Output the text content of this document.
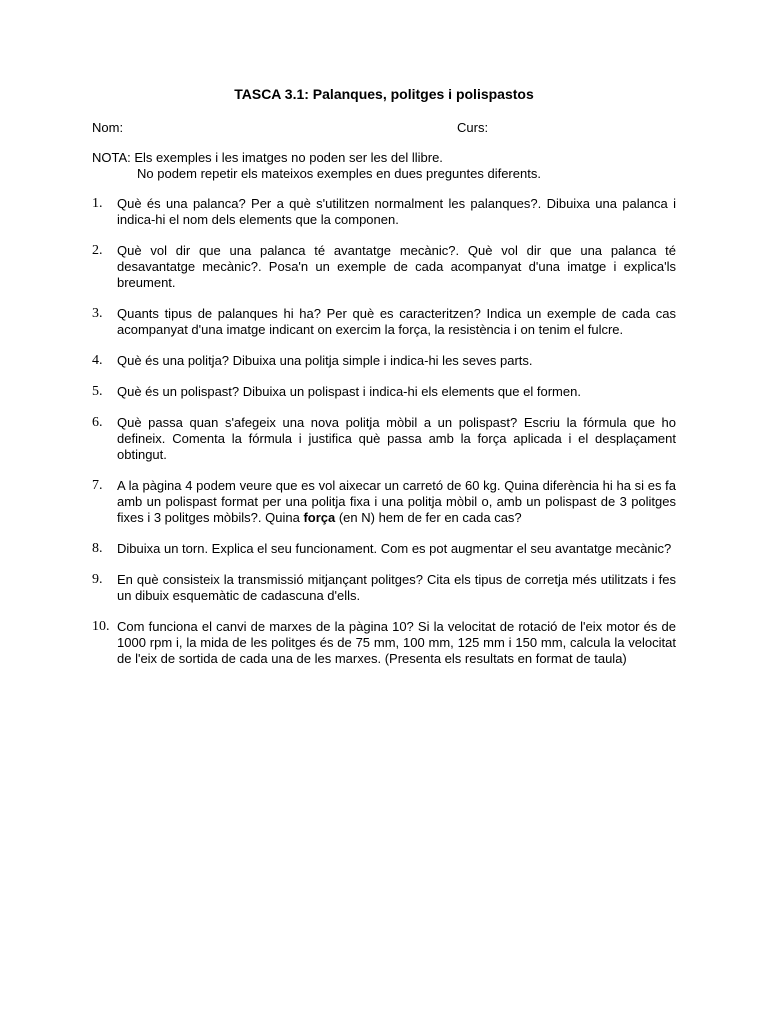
TASCA 3.1: Palanques, politges i polispastos
Nom:	Curs:
NOTA: Els exemples i les imatges no poden ser les del llibre.
No podem repetir els mateixos exemples en dues preguntes diferents.
1. Què és una palanca? Per a què s'utilitzen normalment les palanques?. Dibuixa una palanca i indica-hi el nom dels elements que la componen.
2. Què vol dir que una palanca té avantatge mecànic?. Què vol dir que una palanca té desavantatge mecànic?. Posa'n un exemple de cada acompanyat d'una imatge i explica'ls breument.
3. Quants tipus de palanques hi ha? Per què es caracteritzen? Indica un exemple de cada cas acompanyat d'una imatge indicant on exercim la força, la resistència i on tenim el fulcre.
4. Què és una politja? Dibuixa una politja simple i indica-hi les seves parts.
5. Què és un polispast? Dibuixa un polispast i indica-hi els elements que el formen.
6. Què passa quan s'afegeix una nova politja mòbil a un polispast? Escriu la fórmula que ho defineix. Comenta la fórmula i justifica què passa amb la força aplicada i el desplaçament obtingut.
7. A la pàgina 4 podem veure que es vol aixecar un carretó de 60 kg. Quina diferència hi ha si es fa amb un polispast format per una politja fixa i una politja mòbil o, amb un polispast de 3 politges fixes i 3 politges mòbils?. Quina força (en N) hem de fer en cada cas?
8. Dibuixa un torn. Explica el seu funcionament. Com es pot augmentar el seu avantatge mecànic?
9. En què consisteix la transmissió mitjançant politges? Cita els tipus de corretja més utilitzats i fes un dibuix esquemàtic de cadascuna d'ells.
10. Com funciona el canvi de marxes de la pàgina 10? Si la velocitat de rotació de l'eix motor és de 1000 rpm i, la mida de les politges és de 75 mm, 100 mm, 125 mm i 150 mm, calcula la velocitat de l'eix de sortida de cada una de les marxes. (Presenta els resultats en format de taula)
